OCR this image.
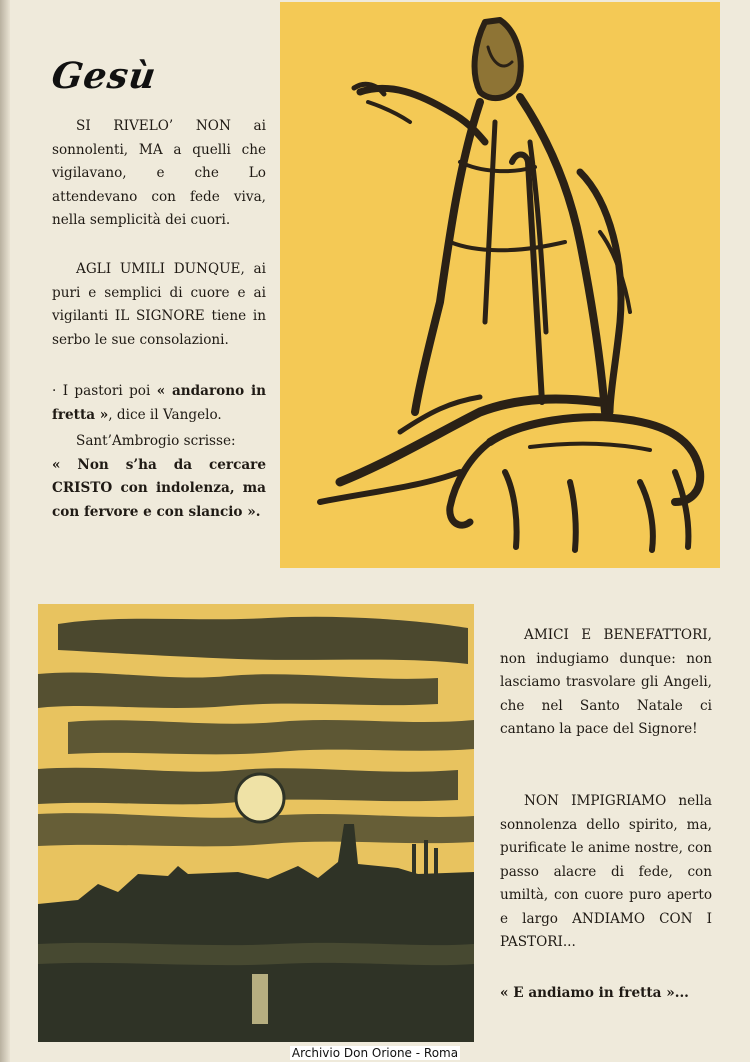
Gesù

SI RIVELO’ NON ai sonnolenti, MA a quelli che vigilavano, e che Lo attendevano con fede viva, nella semplicità dei cuori.

AGLI UMILI DUNQUE, ai puri e semplici di cuore e ai vigilanti IL SIGNORE tiene in serbo le sue consolazioni.

· I pastori poi « andarono in fretta », dice il Vangelo.

Sant’Ambrogio scrisse:

« Non s’ha da cercare CRISTO con indolenza, ma con fervore e con slancio ».

AMICI E BENEFATTORI, non indugiamo dunque: non lasciamo trasvolare gli Angeli, che nel Santo Natale ci cantano la pace del Signore!

NON IMPIGRIAMO nella sonnolenza dello spirito, ma, purificate le anime nostre, con passo alacre di fede, con umiltà, con cuore puro aperto e largo ANDIAMO CON I PASTORI...

« E andiamo in fretta »...

Archivio Don Orione - Roma
